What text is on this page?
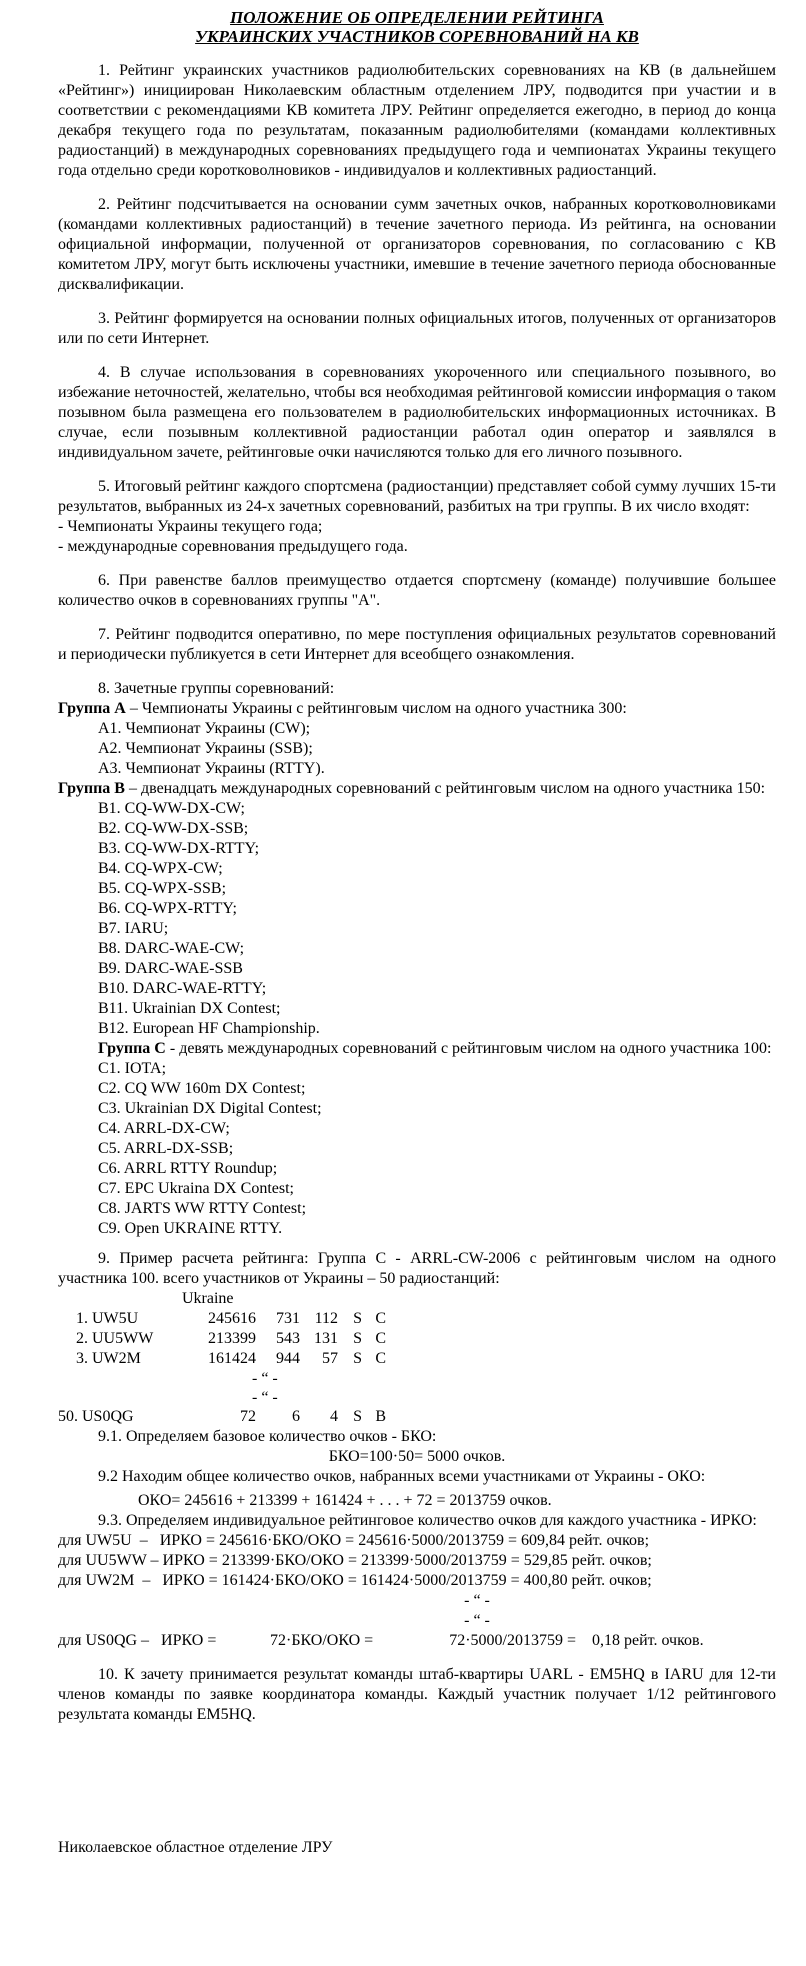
ПОЛОЖЕНИЕ ОБ ОПРЕДЕЛЕНИИ РЕЙТИНГА

УКРАИНСКИХ УЧАСТНИКОВ СОРЕВНОВАНИЙ НА КВ

1. Рейтинг украинских участников радиолюбительских соревнованиях на КВ (в дальнейшем «Рейтинг») инициирован Николаевским областным отделением ЛРУ, подводится при участии и в соответствии с рекомендациями КВ комитета ЛРУ. Рейтинг определяется ежегодно, в период до конца декабря текущего года по результатам, показанным радиолюбителями (командами коллективных радиостанций) в международных соревнованиях предыдущего года и чемпионатах Украины текущего года отдельно среди коротковолновиков - индивидуалов и коллективных радиостанций.

2. Рейтинг подсчитывается на основании сумм зачетных очков, набранных коротковолновиками (командами коллективных радиостанций) в течение зачетного периода. Из рейтинга, на основании официальной информации, полученной от организаторов соревнования, по согласованию с КВ комитетом ЛРУ, могут быть исключены участники, имевшие в течение зачетного периода обоснованные дисквалификации.

3. Рейтинг формируется на основании полных официальных итогов, полученных от организаторов или по сети Интернет.

4. В случае использования в соревнованиях укороченного или специального позывного, во избежание неточностей, желательно, чтобы вся необходимая рейтинговой комиссии информация о таком позывном была размещена его пользователем в радиолюбительских информационных источниках. В случае, если позывным коллективной радиостанции работал один оператор и заявлялся в индивидуальном зачете, рейтинговые очки начисляются только для его личного позывного.

5. Итоговый рейтинг каждого спортсмена (радиостанции) представляет собой сумму лучших 15-ти результатов, выбранных из 24-х зачетных соревнований, разбитых на три группы. В их число входят:

- Чемпионаты Украины текущего года;

- международные соревнования предыдущего года.

6. При равенстве баллов преимущество отдается спортсмену (команде) получившие большее количество очков в соревнованиях группы "А".

7. Рейтинг подводится оперативно, по мере поступления официальных результатов соревнований и периодически публикуется в сети Интернет для всеобщего ознакомления.

8. Зачетные группы соревнований:

Группа А – Чемпионаты Украины с рейтинговым числом на одного участника 300:

А1. Чемпионат Украины (CW);

А2. Чемпионат Украины (SSB);

А3. Чемпионат Украины (RTTY).

Группа В – двенадцать международных соревнований с рейтинговым числом на одного участника 150:

B1. CQ-WW-DX-CW;

B2. CQ-WW-DX-SSB;

B3. CQ-WW-DX-RTTY;

B4. CQ-WPX-CW;

B5. CQ-WPX-SSB;

B6. CQ-WPX-RTTY;

B7. IARU;

B8. DARC-WAE-CW;

B9. DARC-WAE-SSB

B10. DARC-WAE-RTTY;

B11. Ukrainian DX Contest;

B12. European HF Championship.

Группа С - девять международных соревнований с рейтинговым числом на одного участника 100:

C1. IOTA;

C2. CQ WW 160m DX Contest;

C3. Ukrainian DX Digital Contest;

C4. ARRL-DX-CW;

C5. ARRL-DX-SSB;

C6. ARRL RTTY Roundup;

C7. EPC Ukraina DX Contest;

C8. JARTS WW RTTY Contest;

C9. Open UKRAINE RTTY.

9. Пример расчета рейтинга: Группа С - ARRL-CW-2006 с рейтинговым числом на одного участника 100. всего участников от Украины – 50 радиостанций:

Ukraine

1. UW5U	245616	731	112	S	C
2. UU5WW	213399	543	131	S	C
3. UW2M	161424	944	57	S	C

- “ -

- “ -

50. US0QG	72	6	4	S	B

9.1. Определяем базовое количество очков - БКО:

БКО=100·50= 5000 очков.

9.2 Находим общее количество очков, набранных всеми участниками от Украины - ОКО:

ОКО= 245616 + 213399 + 161424 + . . . + 72 = 2013759 очков.

9.3. Определяем индивидуальное рейтинговое количество очков для каждого участника - ИРКО:

для UW5U  –   ИРКО = 245616·БКО/ОКО = 245616·5000/2013759 = 609,84 рейт. очков;

для UU5WW – ИРКО = 213399·БКО/ОКО = 213399·5000/2013759 = 529,85 рейт. очков;

для UW2M  –   ИРКО = 161424·БКО/ОКО = 161424·5000/2013759 = 400,80 рейт. очков;

- “ -

- “ -

для US0QG –   ИРКО =	72·БКО/ОКО =	72·5000/2013759 =	0,18 рейт. очков.

10. К зачету принимается результат команды штаб-квартиры UARL - EM5HQ в IARU для 12-ти членов команды по заявке координатора команды. Каждый участник получает 1/12 рейтингового результата команды EM5HQ.

Николаевское областное отделение ЛРУ
